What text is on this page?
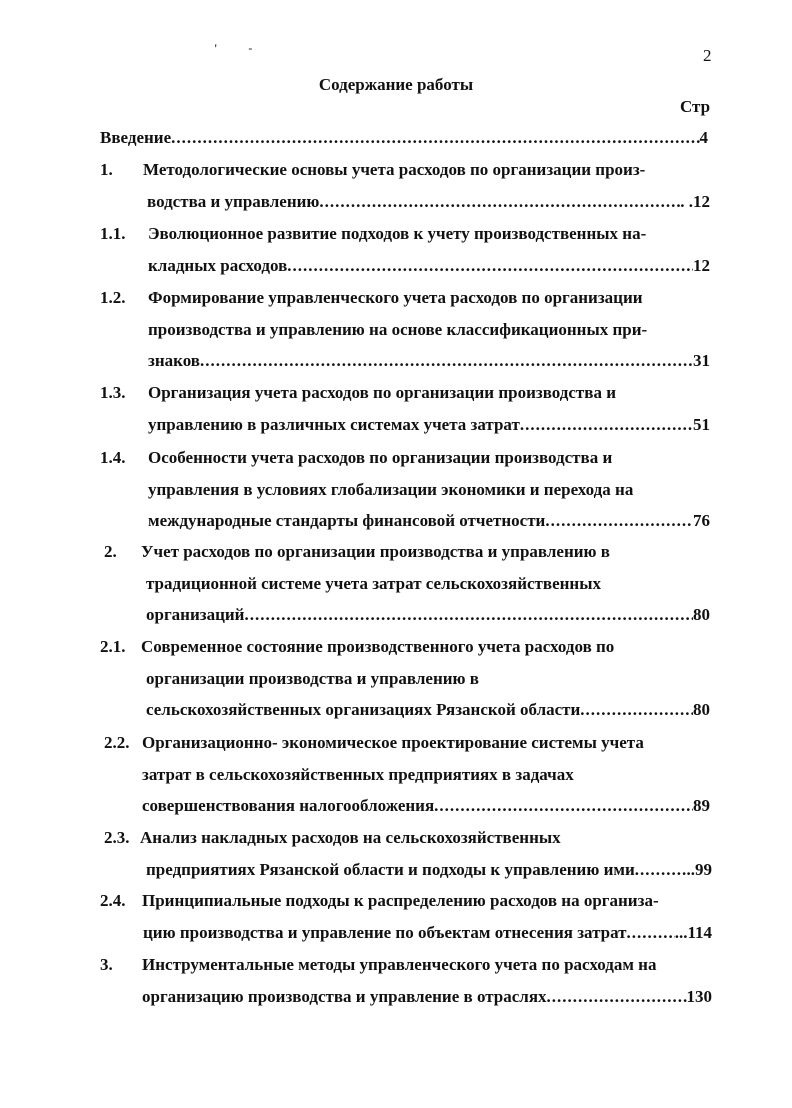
' -	2
Содержание работы
Стр
Введение .....	4
1. Методологические основы учета расходов по организации произ-
водства и управлению .....	. .12
1.1. Эволюционное развитие подходов к учету производственных на-
кладных расходов .....	12
1.2. Формирование управленческого учета расходов по организации
производства и управлению на основе классификационных при-
знаков .....	31
1.3. Организация учета расходов по организации производства и
управлению в различных системах учета затрат .....	51
1.4. Особенности учета расходов по организации производства и
управления в условиях глобализации экономики и перехода на
международные стандарты финансовой отчетности .....	76
2. Учет расходов по организации производства и управлению в
традиционной системе учета затрат сельскохозяйственных
организаций .....	80
2.1. Современное состояние производственного учета расходов по
организации производства и управлению в
сельскохозяйственных организациях Рязанской области .....	80
2.2. Организационно- экономическое проектирование системы учета
затрат в сельскохозяйственных предприятиях в задачах
совершенствования налогообложения .....	89
2.3. Анализ накладных расходов на сельскохозяйственных
предприятиях Рязанской области и подходы к управлению ими .....	..99
2.4. Принципиальные подходы к распределению расходов на организа-
цию производства и управление по объектам отнесения затрат .....	...114
3. Инструментальные методы управленческого учета по расходам на
организацию производства и управление в отраслях .....	130
